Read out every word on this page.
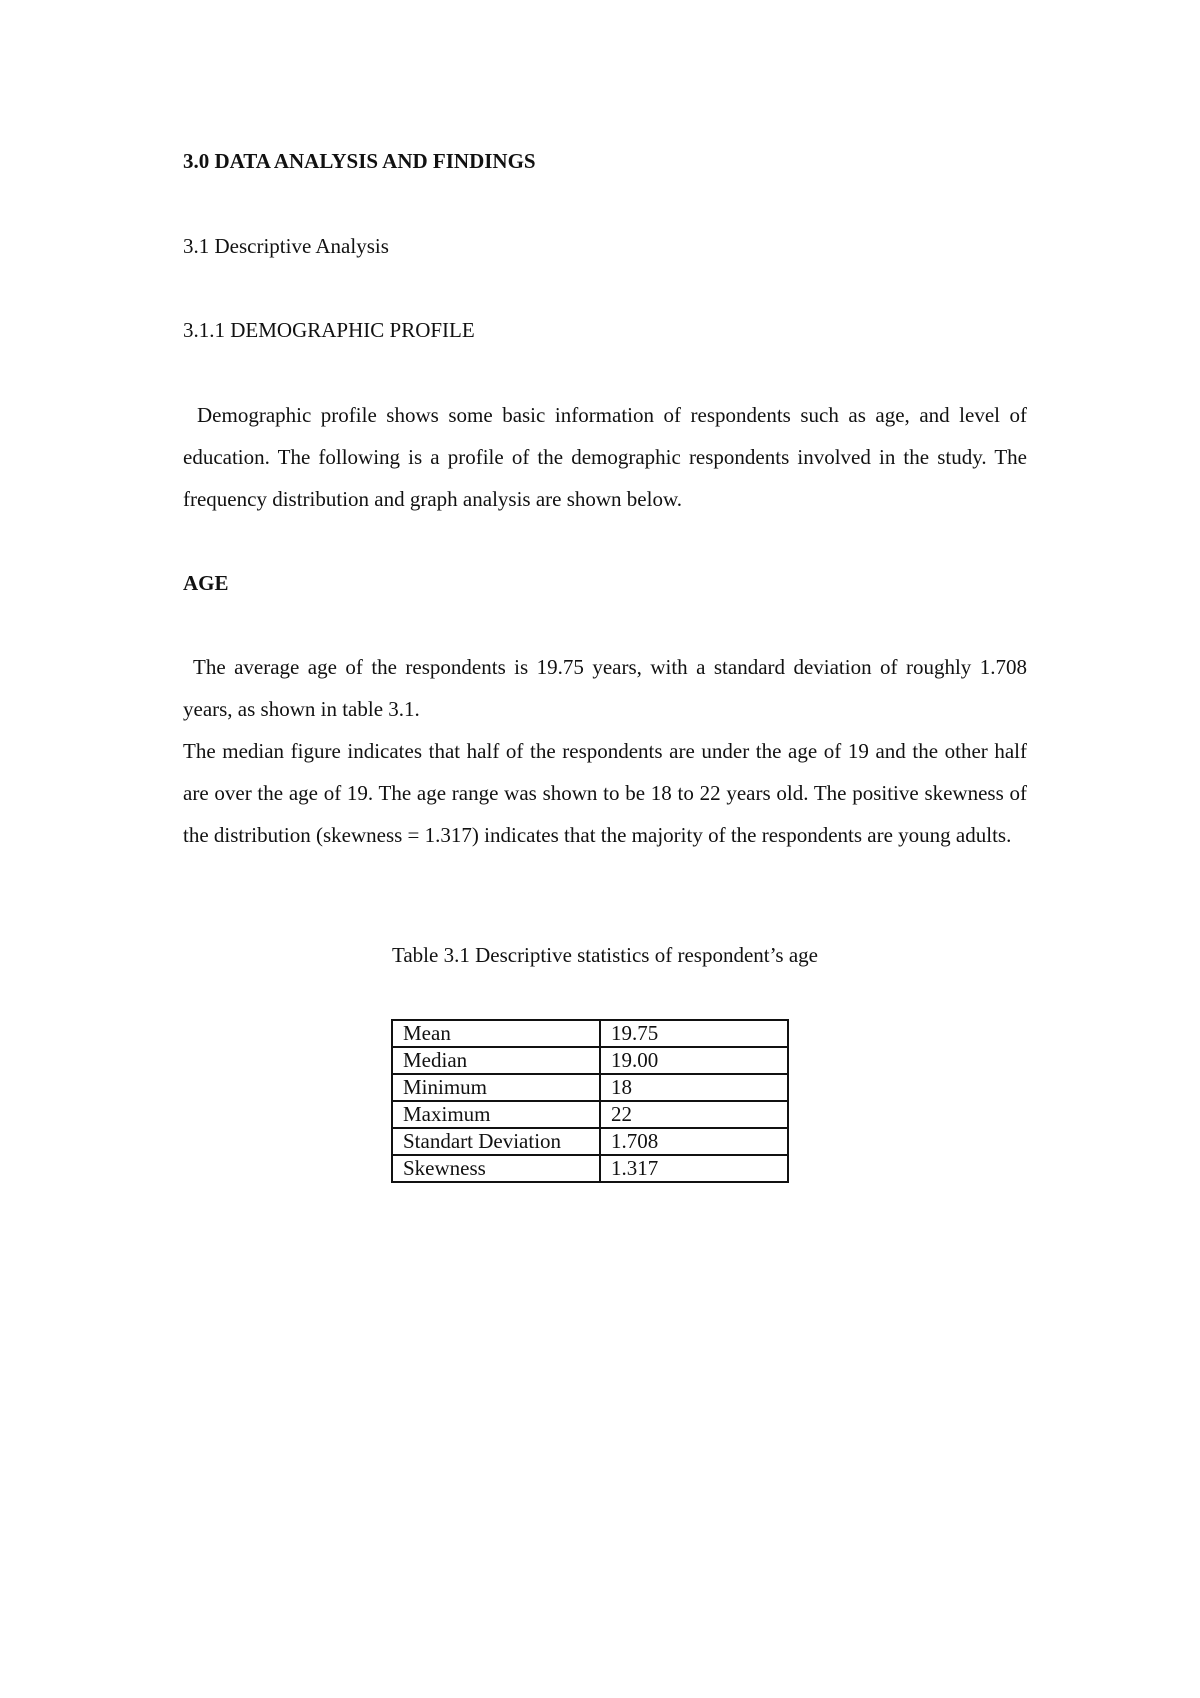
3.0 DATA ANALYSIS AND FINDINGS
3.1 Descriptive Analysis
3.1.1 DEMOGRAPHIC PROFILE

Demographic profile shows some basic information of respondents such as age, and level of education. The following is a profile of the demographic respondents involved in the study. The frequency distribution and graph analysis are shown below.

AGE

The average age of the respondents is 19.75 years, with a standard deviation of roughly 1.708 years, as shown in table 3.1.

The median figure indicates that half of the respondents are under the age of 19 and the other half are over the age of 19. The age range was shown to be 18 to 22 years old. The positive skewness of the distribution (skewness = 1.317) indicates that the majority of the respondents are young adults.

Table 3.1 Descriptive statistics of respondent’s age
Mean	19.75
Median	19.00
Minimum	18
Maximum	22
Standart Deviation	1.708
Skewness	1.317
